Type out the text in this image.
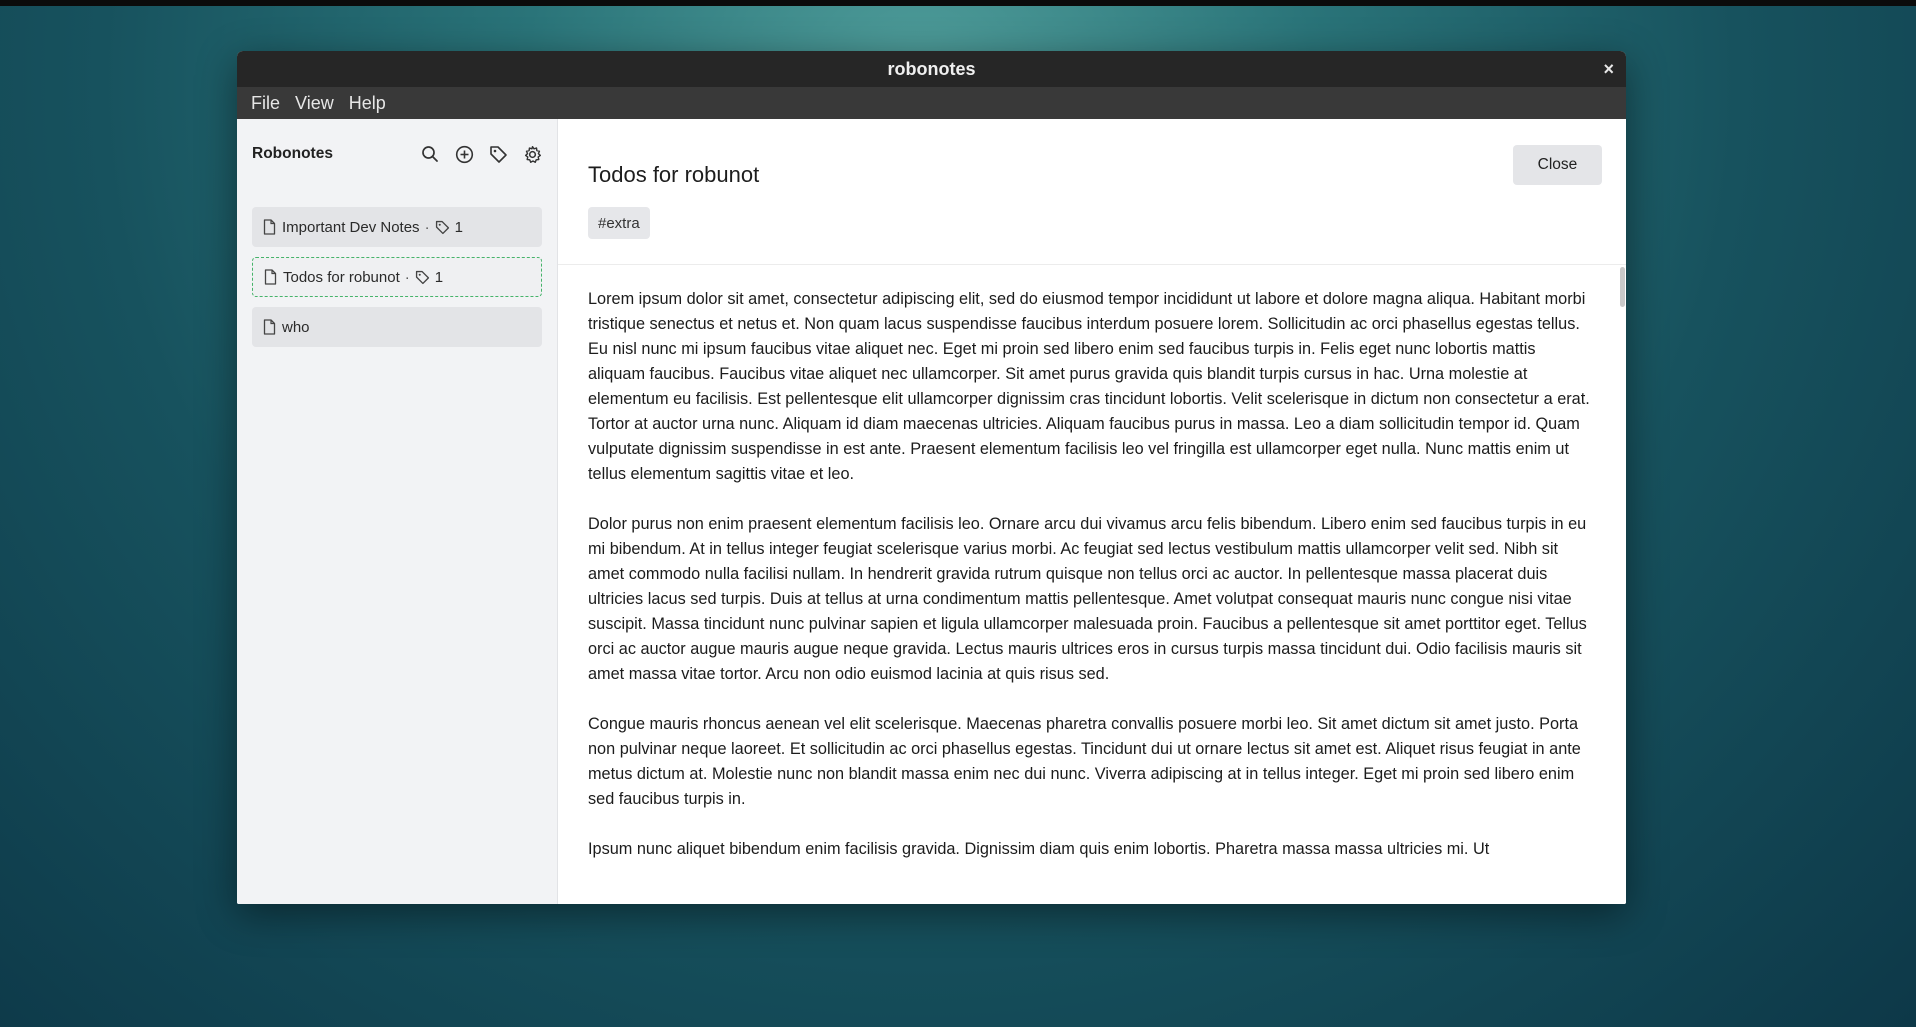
robonotes	×
File View Help
Robonotes
Important Dev Notes · 1
Todos for robunot · 1
who
Todos for robunot	Close
#extra

Lorem ipsum dolor sit amet, consectetur adipiscing elit, sed do eiusmod tempor incididunt ut labore et dolore magna aliqua. Habitant morbi tristique senectus et netus et. Non quam lacus suspendisse faucibus interdum posuere lorem. Sollicitudin ac orci phasellus egestas tellus. Eu nisl nunc mi ipsum faucibus vitae aliquet nec. Eget mi proin sed libero enim sed faucibus turpis in. Felis eget nunc lobortis mattis aliquam faucibus. Faucibus vitae aliquet nec ullamcorper. Sit amet purus gravida quis blandit turpis cursus in hac. Urna molestie at elementum eu facilisis. Est pellentesque elit ullamcorper dignissim cras tincidunt lobortis. Velit scelerisque in dictum non consectetur a erat. Tortor at auctor urna nunc. Aliquam id diam maecenas ultricies. Aliquam faucibus purus in massa. Leo a diam sollicitudin tempor id. Quam vulputate dignissim suspendisse in est ante. Praesent elementum facilisis leo vel fringilla est ullamcorper eget nulla. Nunc mattis enim ut tellus elementum sagittis vitae et leo.

Dolor purus non enim praesent elementum facilisis leo. Ornare arcu dui vivamus arcu felis bibendum. Libero enim sed faucibus turpis in eu mi bibendum. At in tellus integer feugiat scelerisque varius morbi. Ac feugiat sed lectus vestibulum mattis ullamcorper velit sed. Nibh sit amet commodo nulla facilisi nullam. In hendrerit gravida rutrum quisque non tellus orci ac auctor. In pellentesque massa placerat duis ultricies lacus sed turpis. Duis at tellus at urna condimentum mattis pellentesque. Amet volutpat consequat mauris nunc congue nisi vitae suscipit. Massa tincidunt nunc pulvinar sapien et ligula ullamcorper malesuada proin. Faucibus a pellentesque sit amet porttitor eget. Tellus orci ac auctor augue mauris augue neque gravida. Lectus mauris ultrices eros in cursus turpis massa tincidunt dui. Odio facilisis mauris sit amet massa vitae tortor. Arcu non odio euismod lacinia at quis risus sed.

Congue mauris rhoncus aenean vel elit scelerisque. Maecenas pharetra convallis posuere morbi leo. Sit amet dictum sit amet justo. Porta non pulvinar neque laoreet. Et sollicitudin ac orci phasellus egestas. Tincidunt dui ut ornare lectus sit amet est. Aliquet risus feugiat in ante metus dictum at. Molestie nunc non blandit massa enim nec dui nunc. Viverra adipiscing at in tellus integer. Eget mi proin sed libero enim sed faucibus turpis in.

Ipsum nunc aliquet bibendum enim facilisis gravida. Dignissim diam quis enim lobortis. Pharetra massa massa ultricies mi. Ut
